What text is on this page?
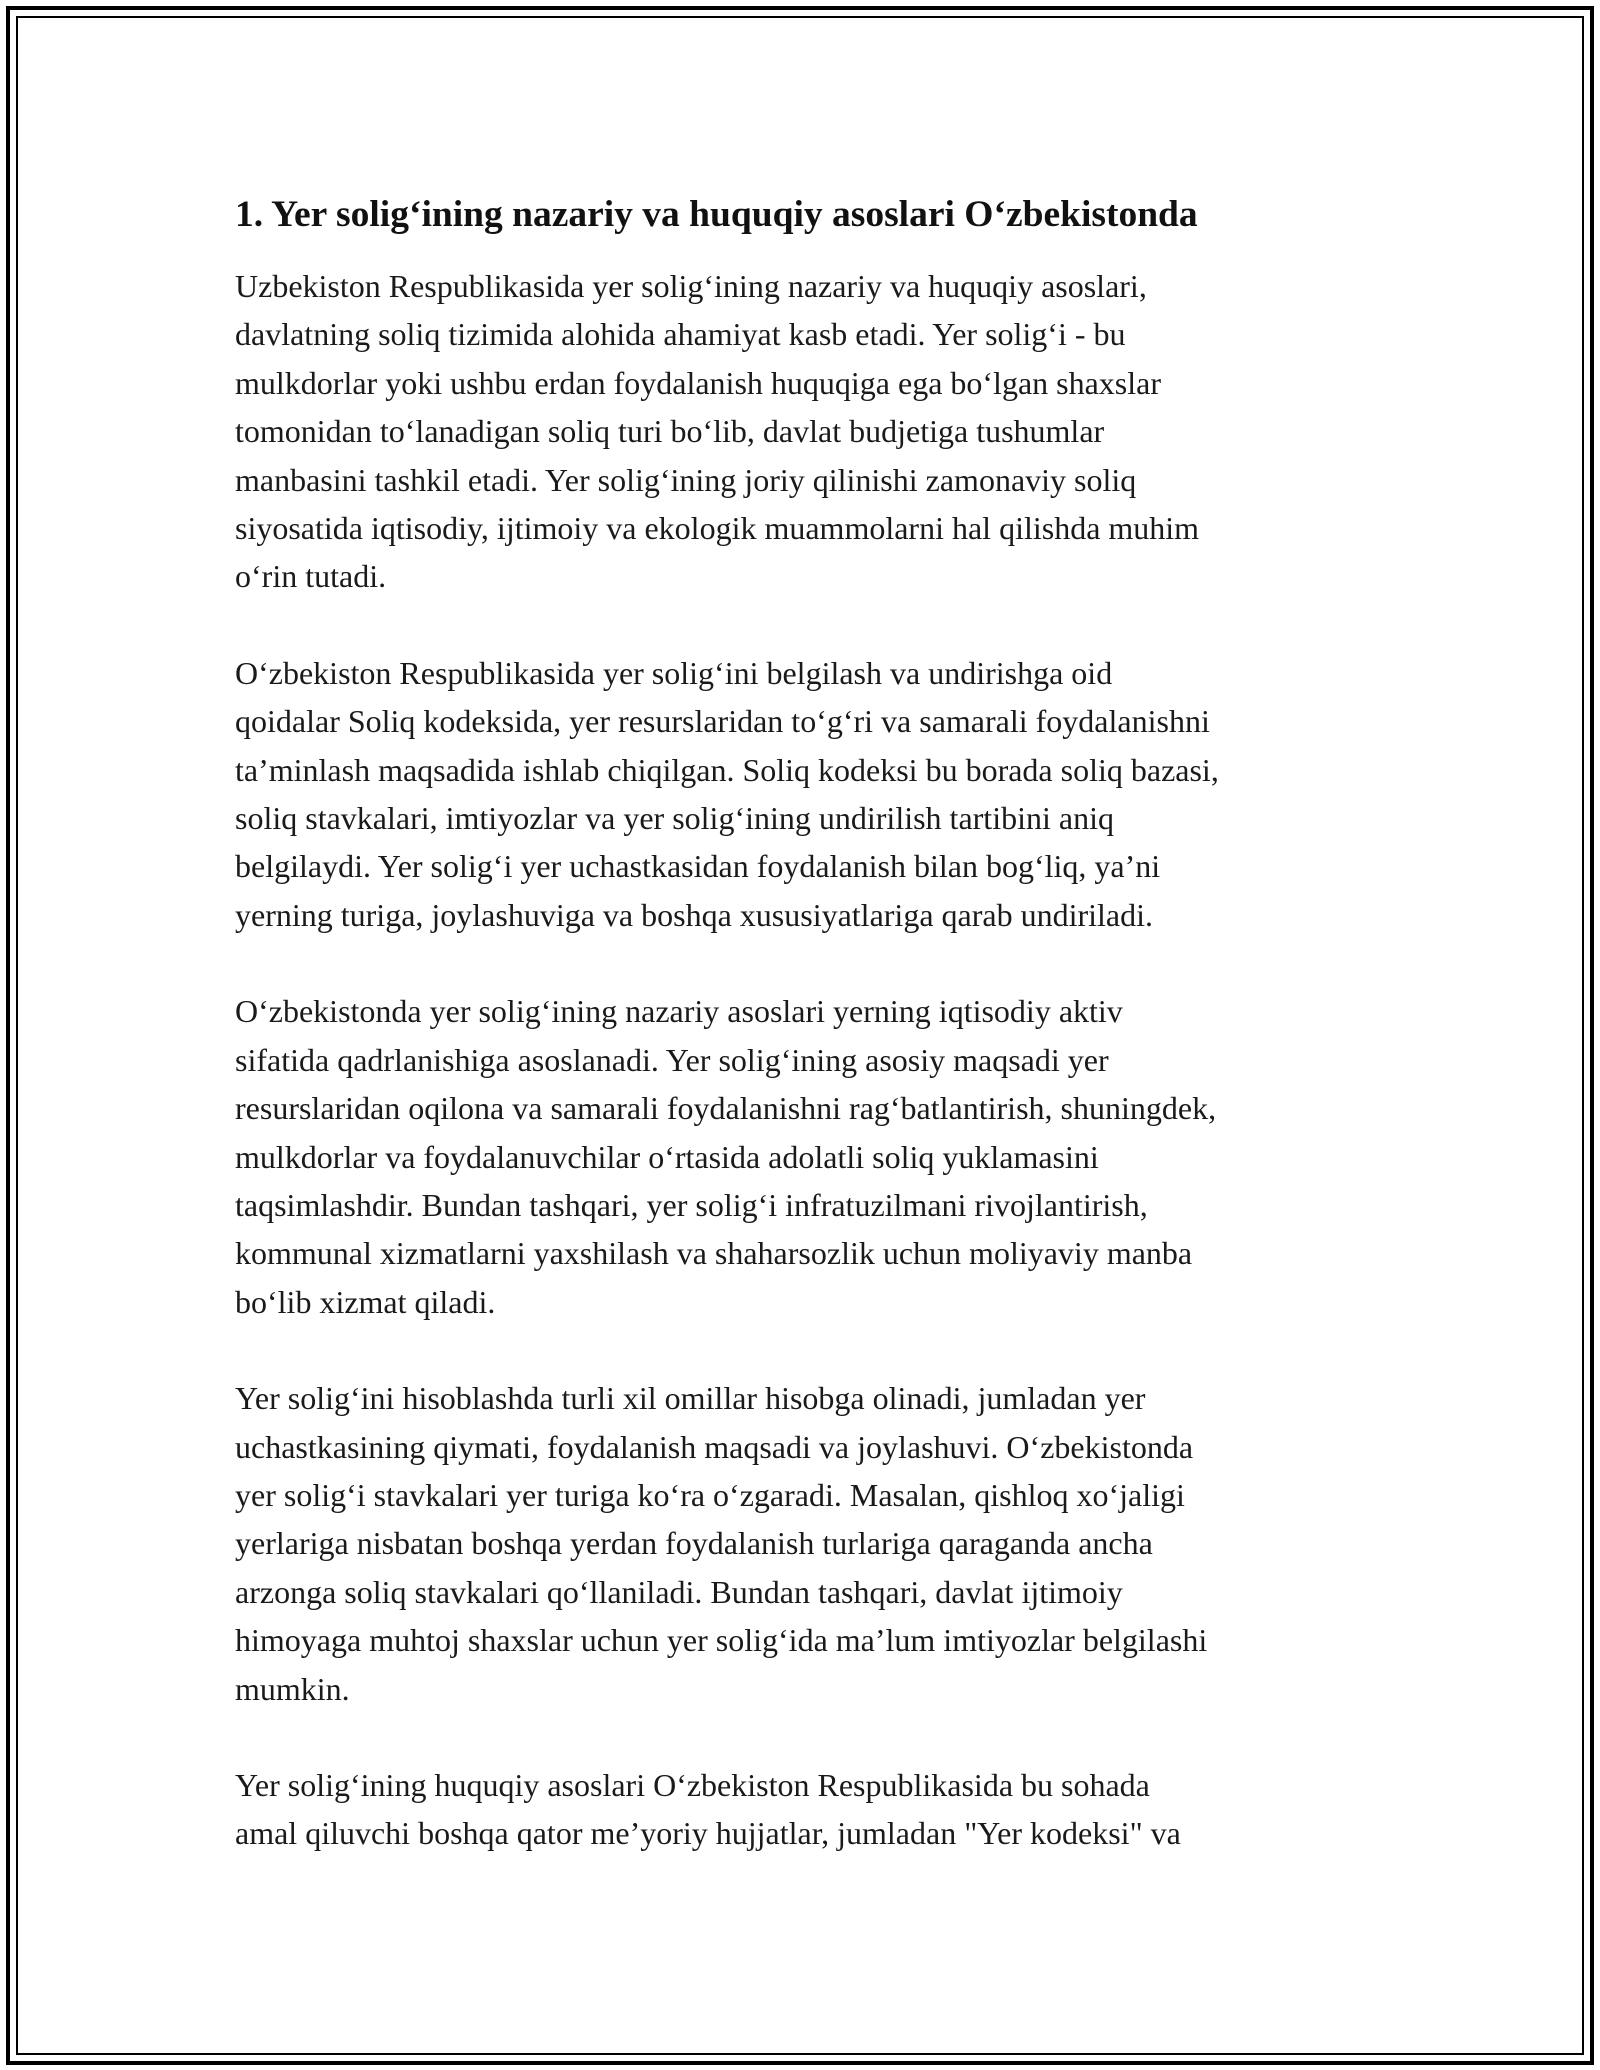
1. Yer solig‘ining nazariy va huquqiy asoslari O‘zbekistonda

Uzbekiston Respublikasida yer solig‘ining nazariy va huquqiy asoslari,
davlatning soliq tizimida alohida ahamiyat kasb etadi. Yer solig‘i - bu
mulkdorlar yoki ushbu erdan foydalanish huquqiga ega bo‘lgan shaxslar
tomonidan to‘lanadigan soliq turi bo‘lib, davlat budjetiga tushumlar
manbasini tashkil etadi. Yer solig‘ining joriy qilinishi zamonaviy soliq
siyosatida iqtisodiy, ijtimoiy va ekologik muammolarni hal qilishda muhim
o‘rin tutadi.

O‘zbekiston Respublikasida yer solig‘ini belgilash va undirishga oid
qoidalar Soliq kodeksida, yer resurslaridan to‘g‘ri va samarali foydalanishni
ta’minlash maqsadida ishlab chiqilgan. Soliq kodeksi bu borada soliq bazasi,
soliq stavkalari, imtiyozlar va yer solig‘ining undirilish tartibini aniq
belgilaydi. Yer solig‘i yer uchastkasidan foydalanish bilan bog‘liq, ya’ni
yerning turiga, joylashuviga va boshqa xususiyatlariga qarab undiriladi.

O‘zbekistonda yer solig‘ining nazariy asoslari yerning iqtisodiy aktiv
sifatida qadrlanishiga asoslanadi. Yer solig‘ining asosiy maqsadi yer
resurslaridan oqilona va samarali foydalanishni rag‘batlantirish, shuningdek,
mulkdorlar va foydalanuvchilar o‘rtasida adolatli soliq yuklamasini
taqsimlashdir. Bundan tashqari, yer solig‘i infratuzilmani rivojlantirish,
kommunal xizmatlarni yaxshilash va shaharsozlik uchun moliyaviy manba
bo‘lib xizmat qiladi.

Yer solig‘ini hisoblashda turli xil omillar hisobga olinadi, jumladan yer
uchastkasining qiymati, foydalanish maqsadi va joylashuvi. O‘zbekistonda
yer solig‘i stavkalari yer turiga ko‘ra o‘zgaradi. Masalan, qishloq xo‘jaligi
yerlariga nisbatan boshqa yerdan foydalanish turlariga qaraganda ancha
arzonga soliq stavkalari qo‘llaniladi. Bundan tashqari, davlat ijtimoiy
himoyaga muhtoj shaxslar uchun yer solig‘ida ma’lum imtiyozlar belgilashi
mumkin.

Yer solig‘ining huquqiy asoslari O‘zbekiston Respublikasida bu sohada
amal qiluvchi boshqa qator me’yoriy hujjatlar, jumladan "Yer kodeksi" va
